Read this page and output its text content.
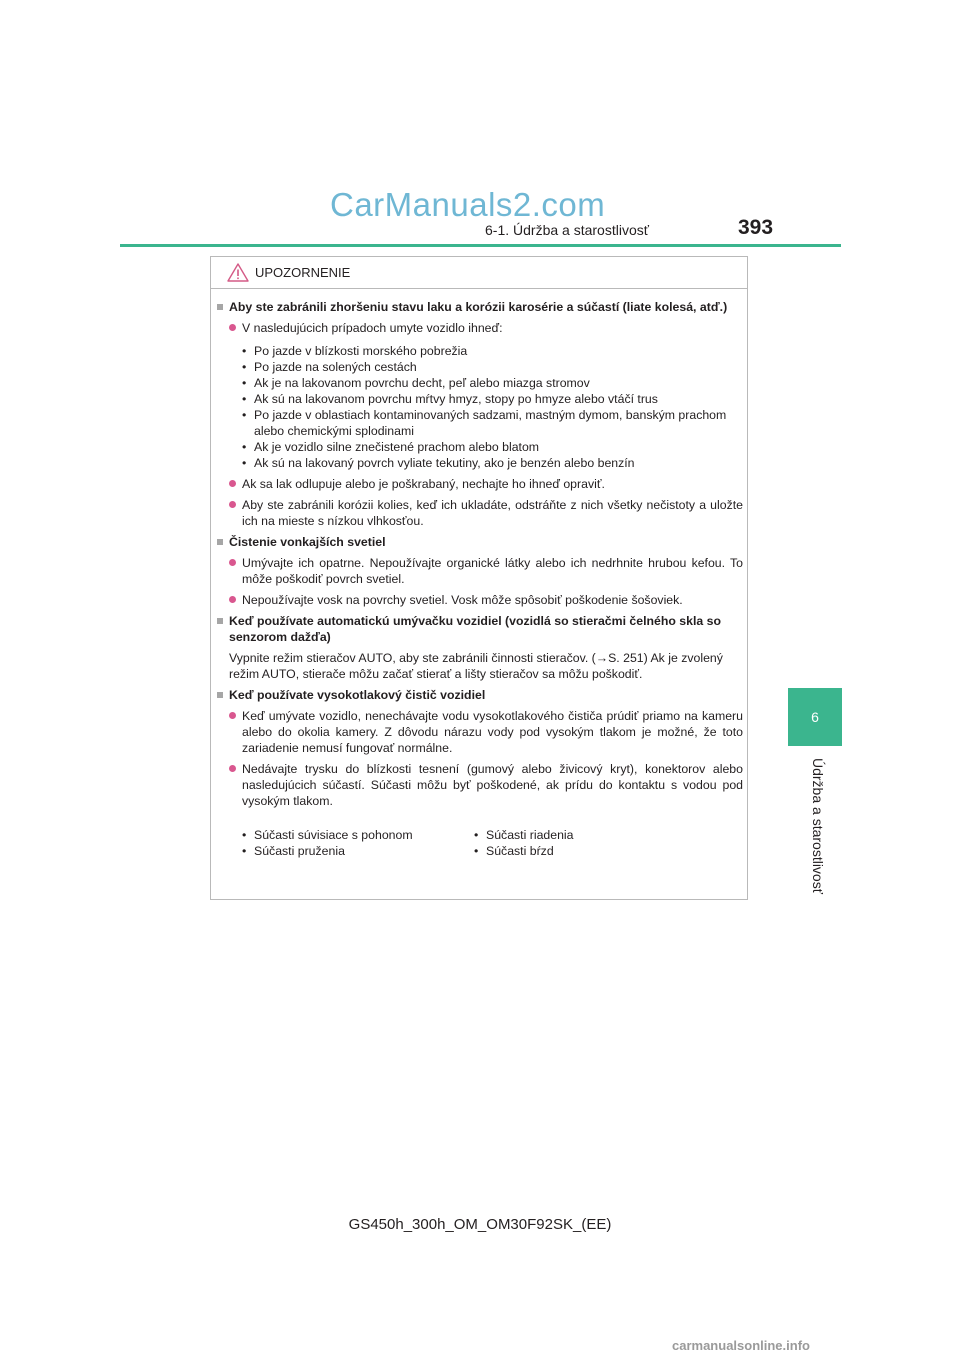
CarManuals2.com
6-1. Údržba a starostlivosť	393
6
Údržba a starostlivosť
UPOZORNENIE
Aby ste zabránili zhoršeniu stavu laku a korózii karosérie a súčastí (liate kolesá, atď.)
V nasledujúcich prípadoch umyte vozidlo ihneď:
• Po jazde v blízkosti morského pobrežia
• Po jazde na solených cestách
• Ak je na lakovanom povrchu decht, peľ alebo miazga stromov
• Ak sú na lakovanom povrchu mŕtvy hmyz, stopy po hmyze alebo vtáčí trus
• Po jazde v oblastiach kontaminovaných sadzami, mastným dymom, banským prachom alebo chemickými splodinami
• Ak je vozidlo silne znečistené prachom alebo blatom
• Ak sú na lakovaný povrch vyliate tekutiny, ako je benzén alebo benzín
Ak sa lak odlupuje alebo je poškrabaný, nechajte ho ihneď opraviť.
Aby ste zabránili korózii kolies, keď ich ukladáte, odstráňte z nich všetky nečistoty a uložte ich na mieste s nízkou vlhkosťou.
Čistenie vonkajších svetiel
Umývajte ich opatrne. Nepoužívajte organické látky alebo ich nedrhnite hrubou kefou. To môže poškodiť povrch svetiel.
Nepoužívajte vosk na povrchy svetiel. Vosk môže spôsobiť poškodenie šošoviek.
Keď používate automatickú umývačku vozidiel (vozidlá so stieračmi čelného skla so senzorom dažďa)
Vypnite režim stieračov AUTO, aby ste zabránili činnosti stieračov. (→S. 251) Ak je zvolený režim AUTO, stierače môžu začať stierať a lišty stieračov sa môžu poškodiť.
Keď používate vysokotlakový čistič vozidiel
Keď umývate vozidlo, nenechávajte vodu vysokotlakového čističa prúdiť priamo na kameru alebo do okolia kamery. Z dôvodu nárazu vody pod vysokým tlakom je možné, že toto zariadenie nemusí fungovať normálne.
Nedávajte trysku do blízkosti tesnení (gumový alebo živicový kryt), konektorov alebo nasledujúcich súčastí. Súčasti môžu byť poškodené, ak prídu do kontaktu s vodou pod vysokým tlakom.
• Súčasti súvisiace s pohonom
• Súčasti pruženia
• Súčasti riadenia
• Súčasti bŕzd
GS450h_300h_OM_OM30F92SK_(EE)
carmanualsonline.info
